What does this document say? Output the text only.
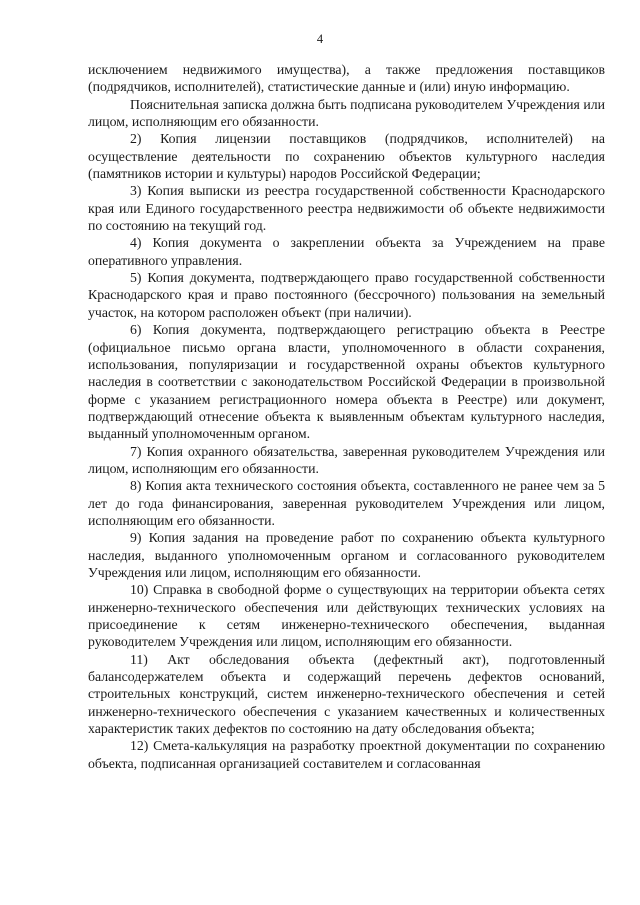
4

исключением недвижимого имущества), а также предложения поставщиков (подрядчиков, исполнителей), статистические данные и (или) иную информацию.

Пояснительная записка должна быть подписана руководителем Учреждения или лицом, исполняющим его обязанности.

2) Копия лицензии поставщиков (подрядчиков, исполнителей) на осуществление деятельности по сохранению объектов культурного наследия (памятников истории и культуры) народов Российской Федерации;

3) Копия выписки из реестра государственной собственности Краснодарского края или Единого государственного реестра недвижимости об объекте недвижимости по состоянию на текущий год.

4) Копия документа о закреплении объекта за Учреждением на праве оперативного управления.

5) Копия документа, подтверждающего право государственной собственности Краснодарского края и право постоянного (бессрочного) пользования на земельный участок, на котором расположен объект (при наличии).

6) Копия документа, подтверждающего регистрацию объекта в Реестре (официальное письмо органа власти, уполномоченного в области сохранения, использования, популяризации и государственной охраны объектов культурного наследия в соответствии с законодательством Российской Федерации в произвольной форме с указанием регистрационного номера объекта в Реестре) или документ, подтверждающий отнесение объекта к выявленным объектам культурного наследия, выданный уполномоченным органом.

7) Копия охранного обязательства, заверенная руководителем Учреждения или лицом, исполняющим его обязанности.

8) Копия акта технического состояния объекта, составленного не ранее чем за 5 лет до года финансирования, заверенная руководителем Учреждения или лицом, исполняющим его обязанности.

9) Копия задания на проведение работ по сохранению объекта культурного наследия, выданного уполномоченным органом и согласованного руководителем Учреждения или лицом, исполняющим его обязанности.

10) Справка в свободной форме о существующих на территории объекта сетях инженерно-технического обеспечения или действующих технических условиях на присоединение к сетям инженерно-технического обеспечения, выданная руководителем Учреждения или лицом, исполняющим его обязанности.

11) Акт обследования объекта (дефектный акт), подготовленный балансодержателем объекта и содержащий перечень дефектов оснований, строительных конструкций, систем инженерно-технического обеспечения и сетей инженерно-технического обеспечения с указанием качественных и количественных характеристик таких дефектов по состоянию на дату обследования объекта;

12) Смета-калькуляция на разработку проектной документации по сохранению объекта, подписанная организацией составителем и согласованная
